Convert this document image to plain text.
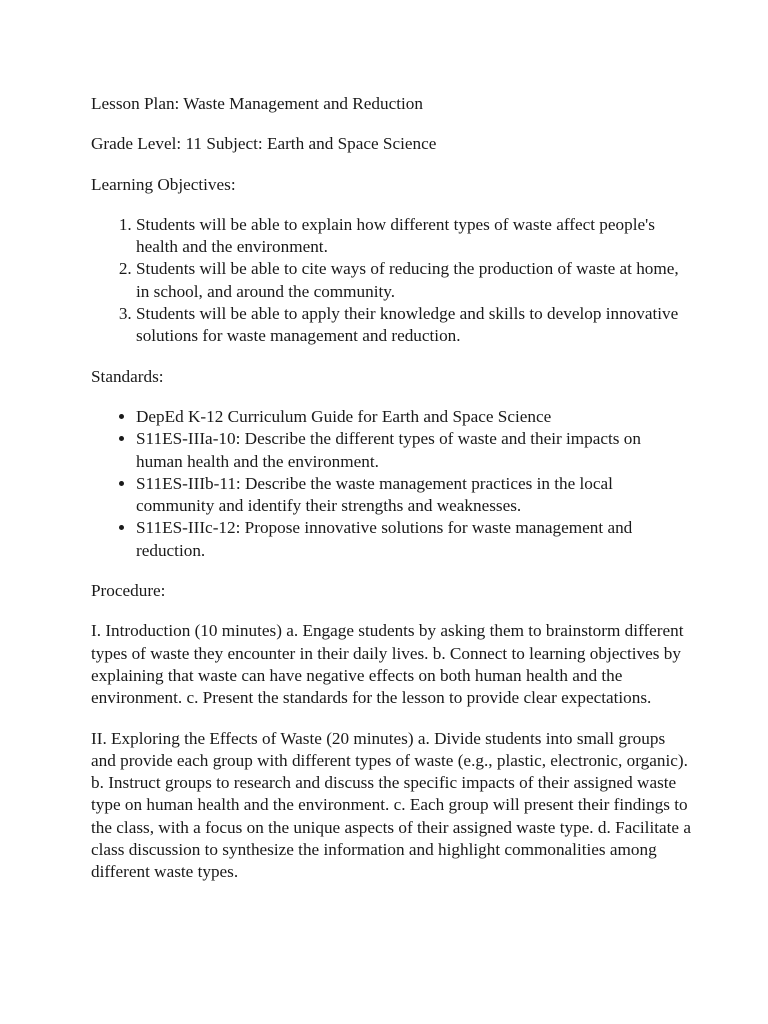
Lesson Plan: Waste Management and Reduction

Grade Level: 11 Subject: Earth and Space Science

Learning Objectives:

1. Students will be able to explain how different types of waste affect people's health and the environment.
2. Students will be able to cite ways of reducing the production of waste at home, in school, and around the community.
3. Students will be able to apply their knowledge and skills to develop innovative solutions for waste management and reduction.

Standards:

• DepEd K-12 Curriculum Guide for Earth and Space Science
• S11ES-IIIa-10: Describe the different types of waste and their impacts on human health and the environment.
• S11ES-IIIb-11: Describe the waste management practices in the local community and identify their strengths and weaknesses.
• S11ES-IIIc-12: Propose innovative solutions for waste management and reduction.

Procedure:

I. Introduction (10 minutes) a. Engage students by asking them to brainstorm different types of waste they encounter in their daily lives. b. Connect to learning objectives by explaining that waste can have negative effects on both human health and the environment. c. Present the standards for the lesson to provide clear expectations.

II. Exploring the Effects of Waste (20 minutes) a. Divide students into small groups and provide each group with different types of waste (e.g., plastic, electronic, organic). b. Instruct groups to research and discuss the specific impacts of their assigned waste type on human health and the environment. c. Each group will present their findings to the class, with a focus on the unique aspects of their assigned waste type. d. Facilitate a class discussion to synthesize the information and highlight commonalities among different waste types.
